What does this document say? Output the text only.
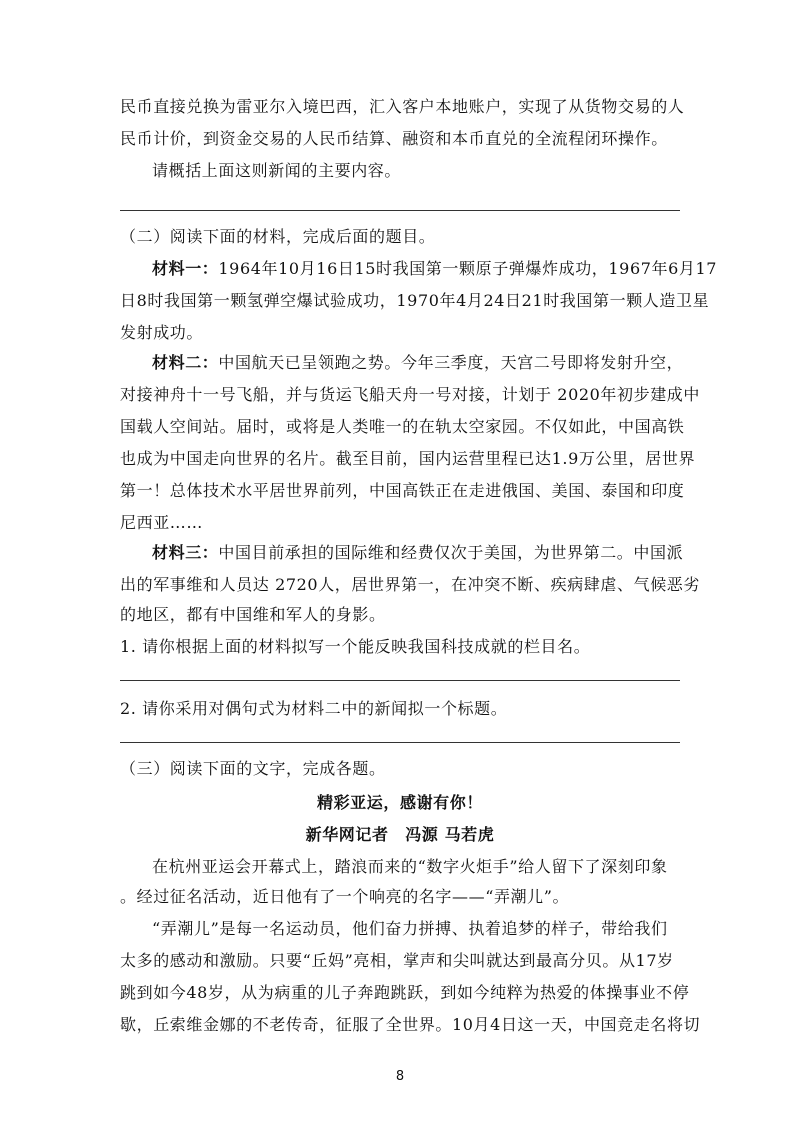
民币直接兑换为雷亚尔入境巴西，汇入客户本地账户，实现了从货物交易的人
民币计价，到资金交易的人民币结算、融资和本币直兑的全流程闭环操作。
请概括上面这则新闻的主要内容。
（二）阅读下面的材料，完成后面的题目。
材料一：1964年10月16日15时我国第一颗原子弹爆炸成功，1967年6月17
日8时我国第一颗氢弹空爆试验成功，1970年4月24日21时我国第一颗人造卫星
发射成功。
材料二：中国航天已呈领跑之势。今年三季度，天宫二号即将发射升空，
对接神舟十一号飞船，并与货运飞船天舟一号对接，计划于 2020年初步建成中
国载人空间站。届时，或将是人类唯一的在轨太空家园。不仅如此，中国高铁
也成为中国走向世界的名片。截至目前，国内运营里程已达1.9万公里，居世界
第一！总体技术水平居世界前列，中国高铁正在走进俄国、美国、泰国和印度
尼西亚……
材料三：中国目前承担的国际维和经费仅次于美国，为世界第二。中国派
出的军事维和人员达 2720人，居世界第一，在冲突不断、疾病肆虐、气候恶劣
的地区，都有中国维和军人的身影。
1. 请你根据上面的材料拟写一个能反映我国科技成就的栏目名。
2. 请你采用对偶句式为材料二中的新闻拟一个标题。
（三）阅读下面的文字，完成各题。
精彩亚运，感谢有你！
新华网记者　冯源 马若虎
在杭州亚运会开幕式上，踏浪而来的“数字火炬手”给人留下了深刻印象
。经过征名活动，近日他有了一个响亮的名字——“弄潮儿”。
“弄潮儿”是每一名运动员，他们奋力拼搏、执着追梦的样子，带给我们
太多的感动和激励。只要“丘妈”亮相，掌声和尖叫就达到最高分贝。从17岁
跳到如今48岁，从为病重的儿子奔跑跳跃，到如今纯粹为热爱的体操事业不停
歇，丘索维金娜的不老传奇，征服了全世界。10月4日这一天，中国竞走名将切
8
